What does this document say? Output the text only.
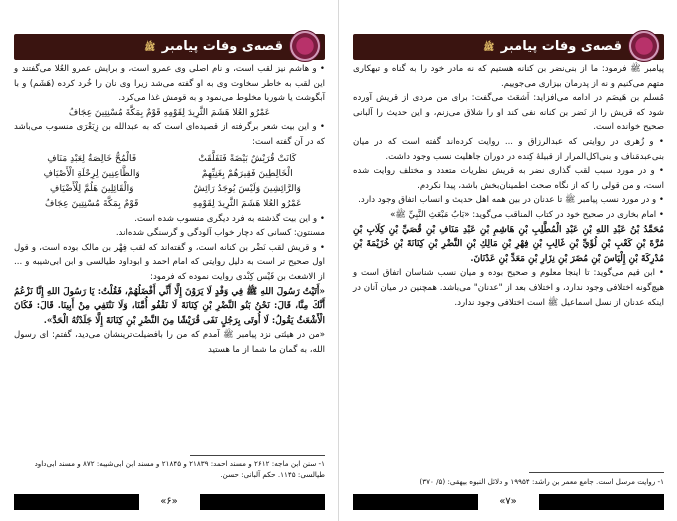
قصه‌ی وفات پیامبر ﷺ

• و هاشم نیز لقب است، و نام اصلی وی عمرو است، و برایش عمرو العُلا می‌گفتند و این لقب به خاطر سخاوت وی به او گفته می‌شد زیرا وی نان را خُرد کرده (هَشَم) و با آبگوشت یا شوربا مخلوط می‌نمود و به قومش غذا می‌کرد.

عَمْرُو العُلا هَشَمَ الثَّرِيدَ لِقَوْمِهِ قَوْمٌ بِمَكَّةَ مُسْنِتِينَ عِجَافُ

• و این بیت شعر برگرفته از قصیده‌ای است که به عبدالله بن زِبَعْرَی منسوب می‌باشد که در آن گفته است:

كَانَتْ قُرَيْشٌ بَيْضَةً فَتَفَلَّقَتْ
فَالْمُحُّ خَالِصَةٌ لِعَبْدِ مَنَافِ
الْخَالِطِينَ فَقِيرَهُمْ بِغَنِيِّهِمْ
وَالظَّاعِنِينَ لِرِحْلَةِ الْأَصْيَافِ
وَالرَّائِشِينَ وَلَيْسَ يُوجَدُ رَائِشٌ
وَالْقَائِلِينَ هَلُمَّ لِلْأَضْيَافِ
عَمْرُو العُلا هَشَمَ الثَّرِيدَ لِقَوْمِهِ
قَوْمٌ بِمَكَّةَ مُسْنِتِينَ عِجَافُ

• و این بیت گذشته به فرد دیگری منسوب شده است.

مسنتون: کسانی که دچار خواب آلودگی و گرسنگی شده‌اند.

• و قریش لقب نَضْر بن کنانه است، و گفته‌اند که لقب فِهْر بن مالک بوده است، و قول اول صحیح تر است به دلیل روایتی که امام احمد و ابوداود طیالسی و ابن ابی‌شیبه و ... از الاشعث بن قَیْس کِنْدی روایت نموده که فرمود:

«أَتَيْتُ رَسُولَ اللهِ ﷺ فِي وَفْدٍ لَا يَرَوْنَ إِلَّا أَنِّي أَفْضَلُهُمْ، فَقُلْتُ: يَا رَسُولَ اللهِ إِنَّا نَزْعُمُ أَنَّكَ مِنَّا، قَالَ: نَحْنُ بَنُو النَّضْرِ بْنِ كِنَانَةَ لَا نَقْفُو أُمَّنَا، وَلَا نَنْتَفِي مِنْ أَبِينَا. قَالَ: فَكَانَ الْأَشْعَثُ يَقُولُ: لَا أُوتَى بِرَجُلٍ نَفَى قُرَيْشًا مِنَ النَّضْرِ بْنِ كِنَانَةَ إِلَّا جَلَدْتُهُ الْحَدَّ».

«من در هیئتی نزد پیامبر ﷺ آمدم که من را بافضیلت‌ترینشان می‌دید، گفتم: ای رسول الله، به گمان ما شما از ما هستید

۱- سنن ابن ماجه: ۲۶۱۲ و مسند احمد: ۲۱۸۳۹ و ۲۱۸۴۵ و مسند ابن ابی‌شیبه: ۸۷۲ و مسند ابی‌داود طیالسی: ۱۱۴۵. حکم آلبانی: حسن.
«۶»
قصه‌ی وفات پیامبر ﷺ

پیامبر ﷺ فرمود: ما از بنی‌نضر بن کنانه هستیم که نه مادر خود را به گناه و تبهکاری متهم می‌کنیم و نه از پدرمان بیزاری می‌جوییم.

مُسلم بن هَیصَم در ادامه می‌افزاید: اَشعَث می‌گفت: برای من مردی از قریش آورده شود که قریش را از نَضر بن کنانه نفی کند او را شلاق می‌زنم، و این حدیث را آلبانی صحیح خوانده است.

• و زُهری در روایتی که عبدالرزاق و ... روایت کرده‌اند گفته است که در میان بنی‌عبدمَناف و بنی‌اکل‌المرار از قبیلهٔ کِنده در دوران جاهلیت نسب وجود داشت.

• و در مورد سبب لقب گذاری نضر به قریش نظریات متعدد و مختلف روایت شده است، و من قولی را که از نگاه صحت اطمینان‌بخش باشد، پیدا نکردم.

• و در مورد نسب پیامبر ﷺ تا عدنان در بین همه اهل حدیث و انساب اتفاق وجود دارد.

• امام بخاری در صحیح خود در کتاب المناقب می‌گوید: «بَابُ مَبْعَثِ النَّبِيِّ ﷺ»

مُحَمَّدُ بْنُ عَبْدِ اللهِ بْنِ عَبْدِ الْمُطَّلِبِ بْنِ هَاشِمِ بْنِ عَبْدِ مَنَافِ بْنِ قُصَيِّ بْنِ كِلَابِ بْنِ مُرَّةَ بْنِ كَعْبِ بْنِ لُؤَيِّ بْنِ غَالِبِ بْنِ فِهْرِ بْنِ مَالِكِ بْنِ النَّضْرِ بْنِ كِنَانَةَ بْنِ خُزَيْمَةَ بْنِ مُدْرِكَةَ بْنِ إِلْيَاسَ بْنِ مُضَرَ بْنِ نِزَارِ بْنِ مَعَدِّ بْنِ عَدْنَانَ.

• ابن قیم می‌گوید: تا اینجا معلوم و صحیح بوده و میان نسب شناسان اتفاق است و هیچ‌گونه اختلافی وجود ندارد، و اختلاف بعد از "عدنان" می‌باشد. همچنین در میان آنان در اینکه عدنان از نسل اسماعیل ﷺ است اختلافی وجود ندارد.

۱- روایت مرسل است. جامع معمر بن راشد: ۱۹۹۵۴ و دلائل النبوه بیهقی: (۵/ ۳۷۰)
«۷»
